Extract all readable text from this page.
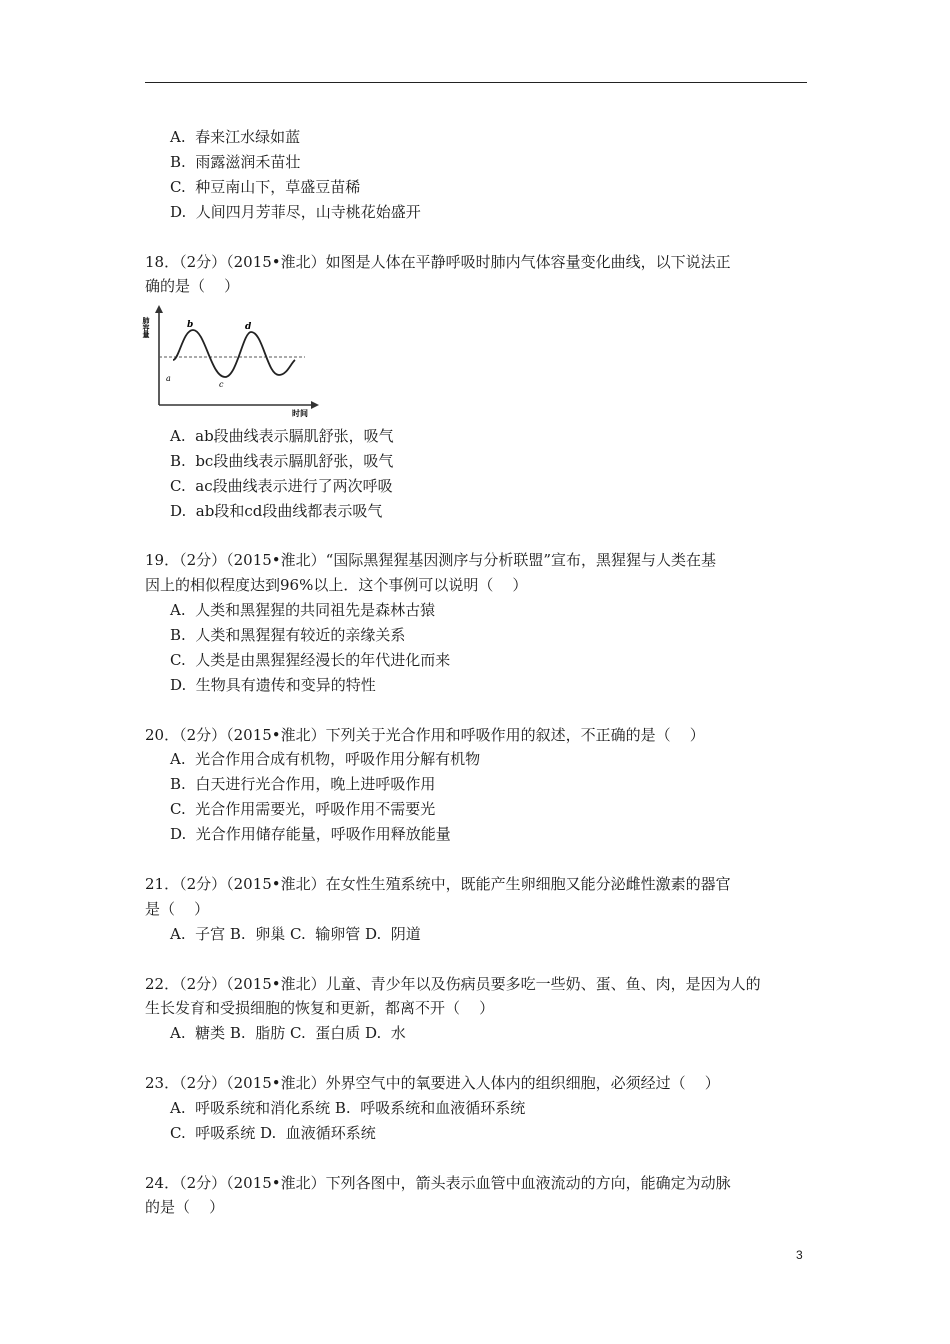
A.  春来江水绿如蓝
B.  雨露滋润禾苗壮
C.  种豆南山下，草盛豆苗稀
D.  人间四月芳菲尽，山寺桃花始盛开
18．（2分）（2015•淮北）如图是人体在平静呼吸时肺内气体容量变化曲线，以下说法正
确的是（    ）
肺容量	b	d
a
c
时间
A.  ab段曲线表示膈肌舒张，吸气
B.  bc段曲线表示膈肌舒张，吸气
C.  ac段曲线表示进行了两次呼吸
D.  ab段和cd段曲线都表示吸气
19．（2分）（2015•淮北）“国际黑猩猩基因测序与分析联盟”宣布，黑猩猩与人类在基
因上的相似程度达到96%以上．这个事例可以说明（    ）
A.  人类和黑猩猩的共同祖先是森林古猿
B.  人类和黑猩猩有较近的亲缘关系
C.  人类是由黑猩猩经漫长的年代进化而来
D.  生物具有遗传和变异的特性
20．（2分）（2015•淮北）下列关于光合作用和呼吸作用的叙述，不正确的是（    ）
A.  光合作用合成有机物，呼吸作用分解有机物
B.  白天进行光合作用，晚上进呼吸作用
C.  光合作用需要光，呼吸作用不需要光
D.  光合作用储存能量，呼吸作用释放能量
21．（2分）（2015•淮北）在女性生殖系统中，既能产生卵细胞又能分泌雌性激素的器官
是（    ）
A.  子宫 B.  卵巢 C.  输卵管 D.  阴道
22．（2分）（2015•淮北）儿童、青少年以及伤病员要多吃一些奶、蛋、鱼、肉，是因为人的
生长发育和受损细胞的恢复和更新，都离不开（    ）
A.  糖类 B.  脂肪 C.  蛋白质 D.  水
23．（2分）（2015•淮北）外界空气中的氧要进入人体内的组织细胞，必须经过（    ）
A.  呼吸系统和消化系统 B.  呼吸系统和血液循环系统
C.  呼吸系统 D.  血液循环系统
24．（2分）（2015•淮北）下列各图中，箭头表示血管中血液流动的方向，能确定为动脉
的是（    ）
3
